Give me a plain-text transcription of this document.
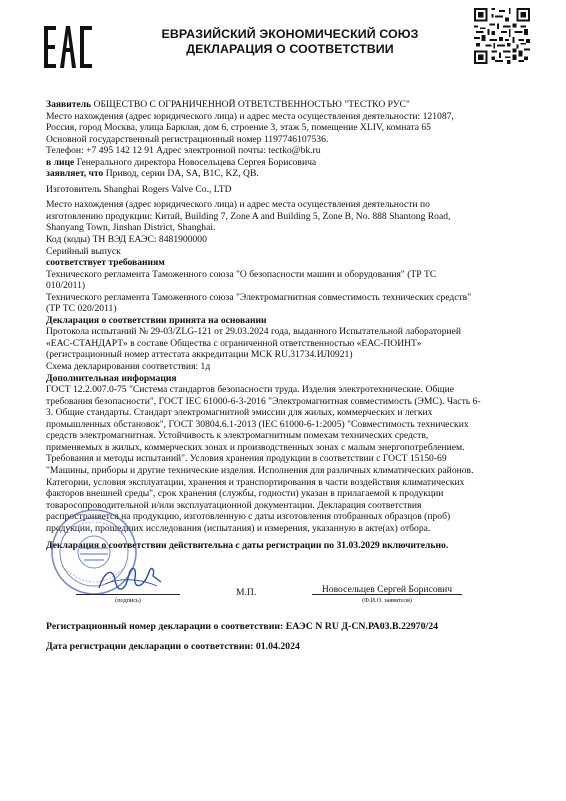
ЕВРАЗИЙСКИЙ ЭКОНОМИЧЕСКИЙ СОЮЗ
ДЕКЛАРАЦИЯ О СООТВЕТСТВИИ

Заявитель ОБЩЕСТВО С ОГРАНИЧЕННОЙ ОТВЕТСТВЕННОСТЬЮ "ТЕСТКО РУС"

Место нахождения (адрес юридического лица) и адрес места осуществления деятельности: 121087,

Россия, город Москва, улица Барклая, дом 6, строение 3, этаж 5, помещение XLIV, комната 65

Основной государственный регистрационный номер 1197746107536.

Телефон: +7 495 142 12 91 Адрес электронной почты: tectko@bk.ru

в лице Генерального директора Новосельцева Сергея Борисовича

заявляет, что Привод, серии DA, SA, B1C, KZ, QB.

Изготовитель Shanghai Rogers Valve Co., LTD

Место нахождения (адрес юридического лица) и адрес места осуществления деятельности по

изготовлению продукции: Китай, Building 7, Zone A and Building 5, Zone B, No. 888 Shantong Road,

Shanyang Town, Jinshan District, Shanghai.

Код (коды) ТН ВЭД ЕАЭС: 8481900000

Серийный выпуск

соответствует требованиям

Технического регламента Таможенного союза "О безопасности машин и оборудования" (ТР ТС

010/2011)

Технического регламента Таможенного союза "Электромагнитная совместимость технических средств"

(ТР ТС 020/2011)

Декларация о соответствии принята на основании

Протокола испытаний № 29-03/ZLG-121 от 29.03.2024 года, выданного Испытательной лабораторией

«ЕАС-СТАНДАРТ» в составе Общества с ограниченной ответственностью «ЕАС-ПОИНТ»

(регистрационный номер аттестата аккредитации МСК RU.31734.ИЛ0921)

Схема декларирования соответствия: 1д

Дополнительная информация

ГОСТ 12.2.007.0-75 "Система стандартов безопасности труда. Изделия электротехнические. Общие

требования безопасности", ГОСТ IEC 61000-6-3-2016 "Электромагнитная совместимость (ЭМС). Часть 6-

3. Общие стандарты. Стандарт электромагнитной эмиссии для жилых, коммерческих и легких

промышленных обстановок", ГОСТ 30804.6.1-2013 (IEC 61000-6-1:2005) "Совместимость технических

средств электромагнитная. Устойчивость к электромагнитным помехам технических средств,

применяемых в жилых, коммерческих зонах и производственных зонах с малым энергопотреблением.

Требования и методы испытаний". Условия хранения продукции в соответствии с ГОСТ 15150-69

"Машины, приборы и другие технические изделия. Исполнения для различных климатических районов.

Категории, условия эксплуатации, хранения и транспортирования в части воздействия климатических

факторов внешней среды", срок хранения (службы, годности) указан в прилагаемой к продукции

товаросопроводительной и/или эксплуатационной документации. Декларация соответствия

распространяется на продукцию, изготовленную с даты изготовления отобранных образцов (проб)

продукции, прошедших исследования (испытания) и измерения, указанную в акте(ах) отбора.

Декларация о соответствии действительна с даты регистрации по 31.03.2029 включительно.

(подпись)
М.П.	Новосельцев Сергей Борисович
(Ф.И.О. заявителя)
Регистрационный номер декларации о соответствии: ЕАЭС N RU Д-CN.РА03.В.22970/24
Дата регистрации декларации о соответствии: 01.04.2024
